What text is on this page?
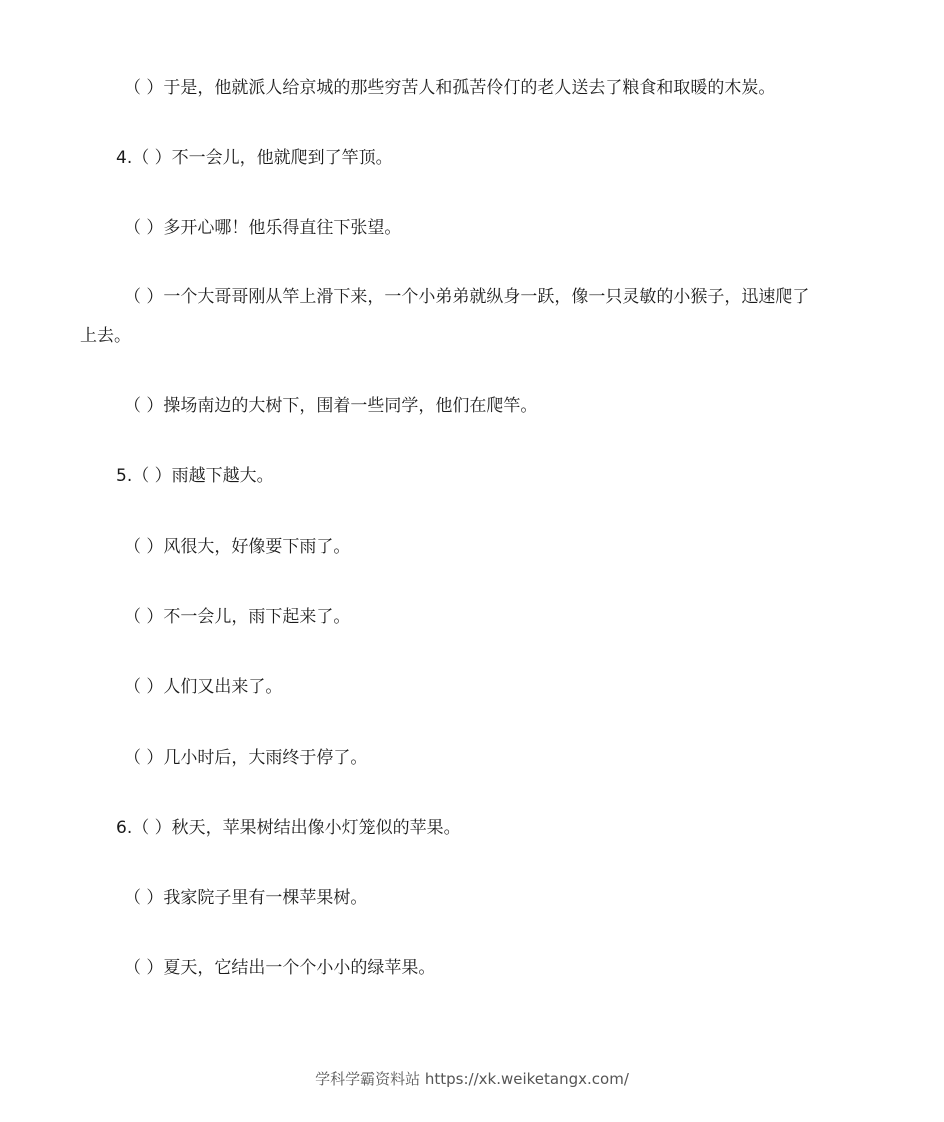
（ ）于是，他就派人给京城的那些穷苦人和孤苦伶仃的老人送去了粮食和取暖的木炭。
4.（ ）不一会儿，他就爬到了竿顶。
（ ）多开心哪！他乐得直往下张望。
（ ）一个大哥哥刚从竿上滑下来，一个小弟弟就纵身一跃，像一只灵敏的小猴子，迅速爬了
上去。
（ ）操场南边的大树下，围着一些同学，他们在爬竿。
5.（ ）雨越下越大。
（ ）风很大，好像要下雨了。
（ ）不一会儿，雨下起来了。
（ ）人们又出来了。
（ ）几小时后，大雨终于停了。
6.（ ）秋天，苹果树结出像小灯笼似的苹果。
（ ）我家院子里有一棵苹果树。
（ ）夏天，它结出一个个小小的绿苹果。
学科学霸资料站 https://xk.weiketangx.com/
